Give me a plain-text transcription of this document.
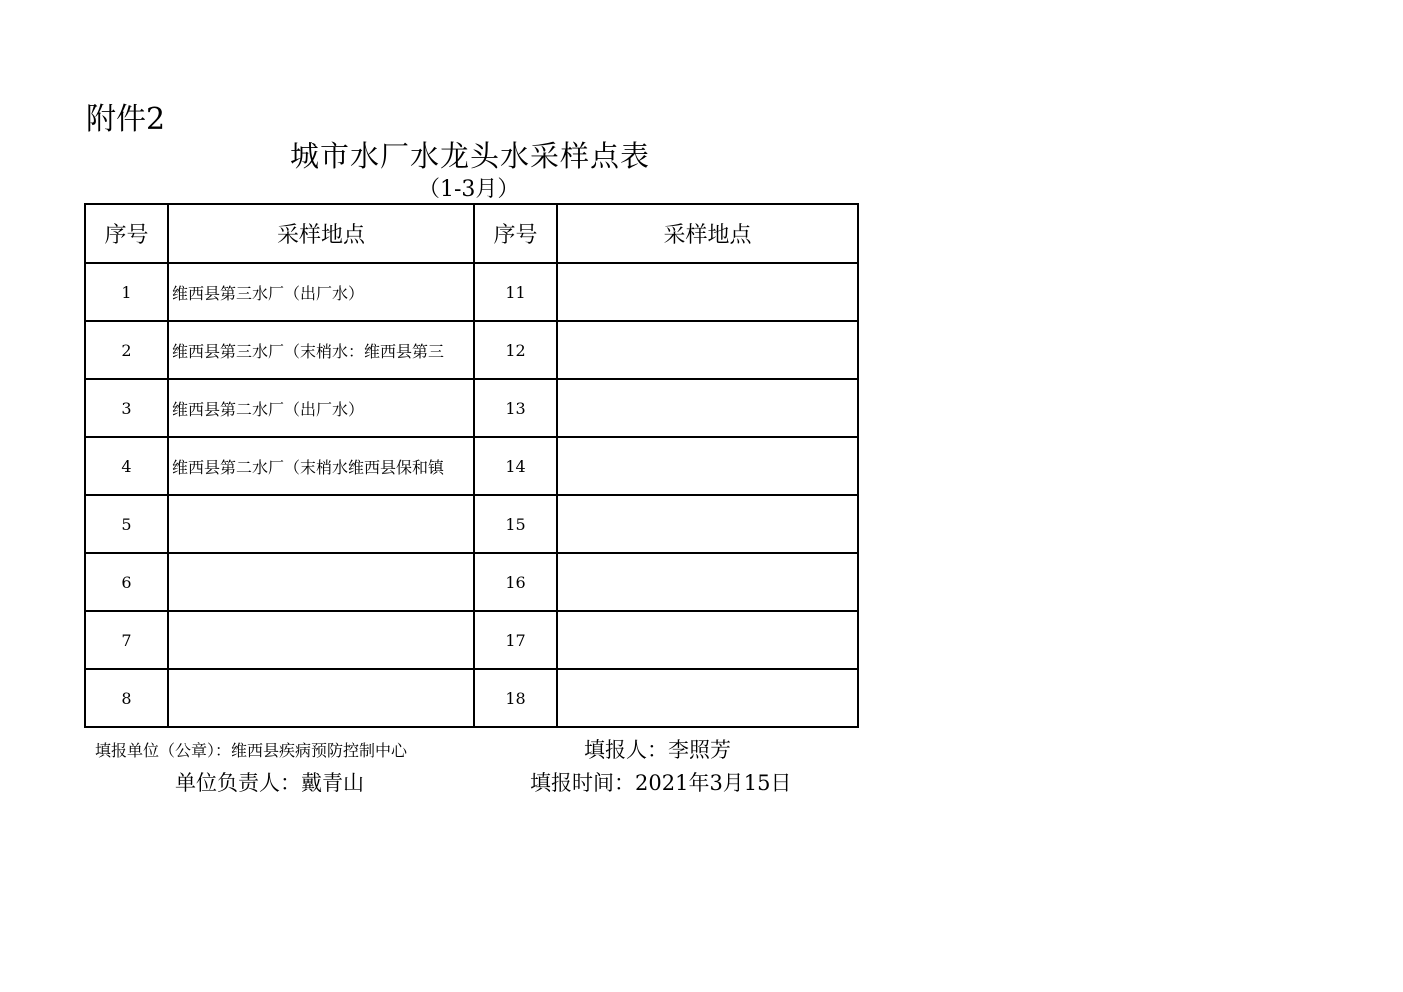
附件2
城市水厂水龙头水采样点表
（1-3月）
序号	采样地点	序号	采样地点
1	维西县第三水厂（出厂水）	11	
2	维西县第三水厂（末梢水：维西县第三	12	
3	维西县第二水厂（出厂水）	13	
4	维西县第二水厂（末梢水维西县保和镇	14	
5		15	
6		16	
7		17	
8		18	
填报单位（公章）：维西县疾病预防控制中心	填报人：李照芳
单位负责人：戴青山	填报时间：2021年3月15日
